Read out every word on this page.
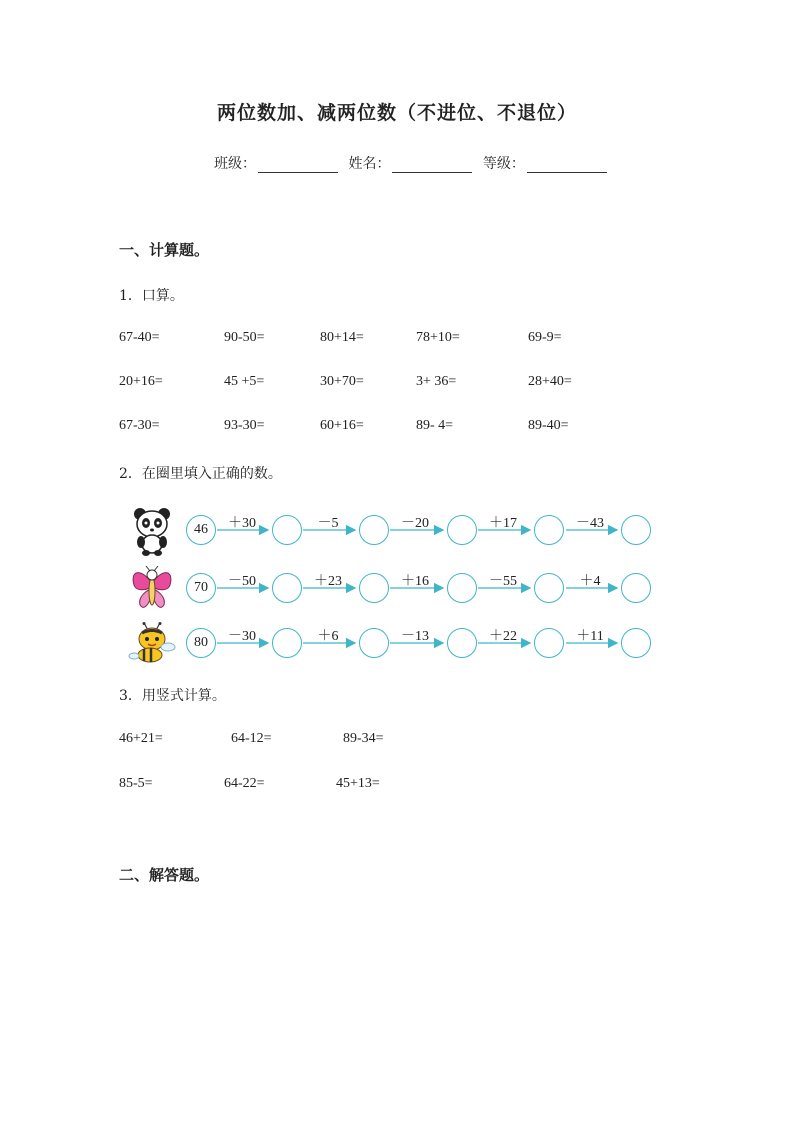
两位数加、减两位数（不进位、不退位）
班级：	姓名：	等级：
一、计算题。
1．口算。
67-40=	90-50=	80+14=	78+10=	69-9=
20+16=	45 +5=	30+70=	3+ 36=	28+40=
67-30=	93-30=	60+16=	89- 4=	89-40=
2．在圈里填入正确的数。
46	＋30	－5	－20	＋17	－43
70	－50	＋23	＋16	－55	＋4
80	－30	＋6	－13	＋22	＋11
3．用竖式计算。
46+21=	64-12=	89-34=
85-5=	64-22=	45+13=
二、解答题。
